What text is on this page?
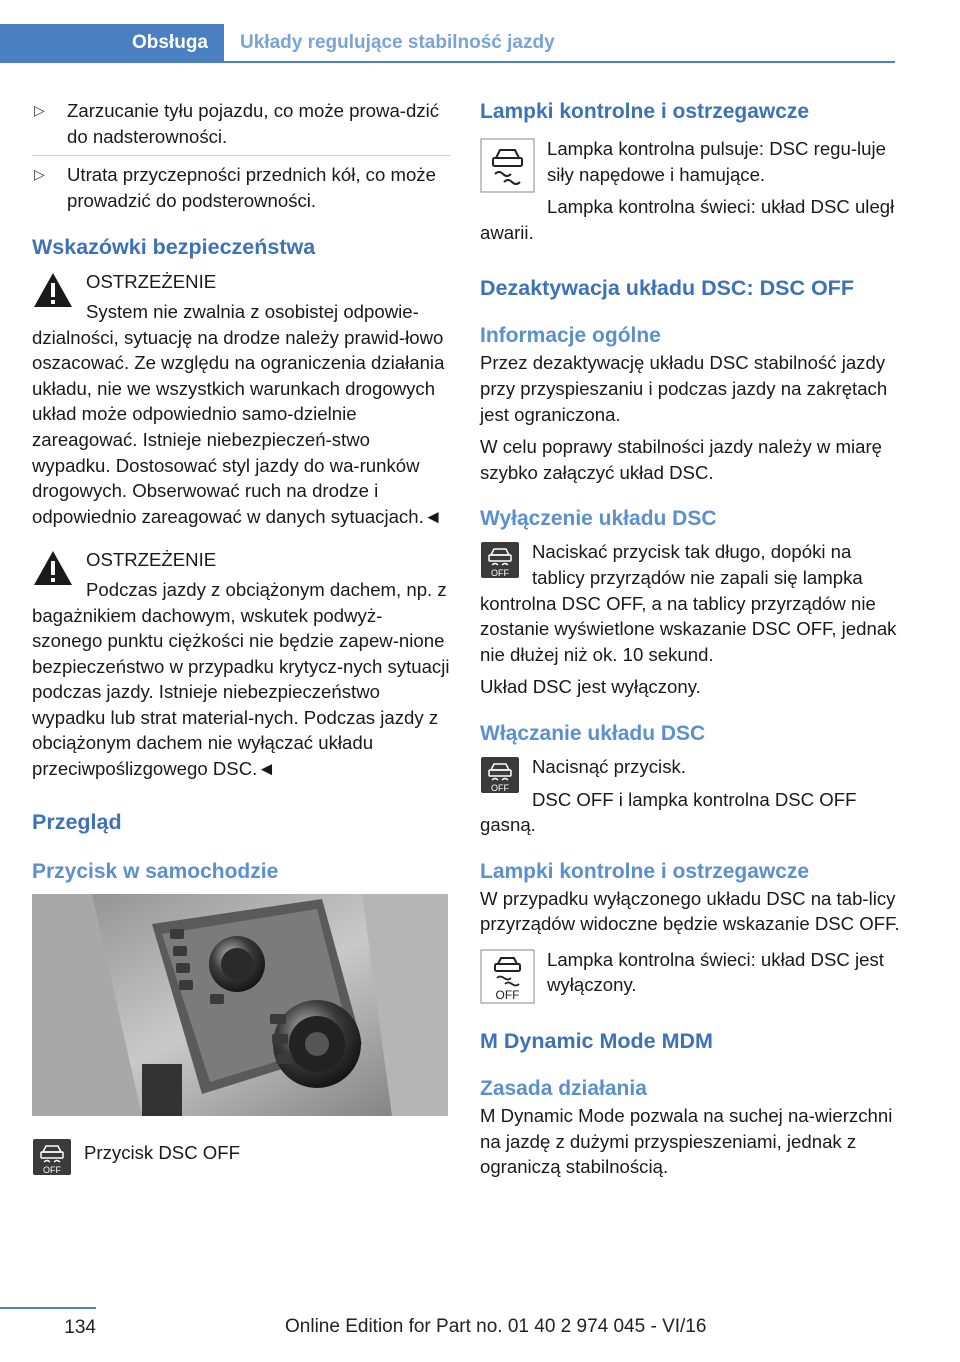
Obsługa	Układy regulujące stabilność jazdy
▷ Zarzucanie tyłu pojazdu, co może prowa-dzić do nadsterowności.
▷ Utrata przyczepności przednich kół, co może prowadzić do podsterowności.
Wskazówki bezpieczeństwa

OSTRZEŻENIE

System nie zwalnia z osobistej odpowie-dzialności, sytuację na drodze należy prawid-łowo oszacować. Ze względu na ograniczenia działania układu, nie we wszystkich warunkach drogowych układ może odpowiednio samo-dzielnie zareagować. Istnieje niebezpieczeń-stwo wypadku. Dostosować styl jazdy do wa-runków drogowych. Obserwować ruch na drodze i odpowiednio zareagować w danych sytuacjach.◄

OSTRZEŻENIE

Podczas jazdy z obciążonym dachem, np. z bagażnikiem dachowym, wskutek podwyż-szonego punktu ciężkości nie będzie zapew-nione bezpieczeństwo w przypadku krytycz-nych sytuacji podczas jazdy. Istnieje niebezpieczeństwo wypadku lub strat material-nych. Podczas jazdy z obciążonym dachem nie wyłączać układu przeciwpoślizgowego DSC.◄

Przegląd
Przycisk w samochodzie
OFF

Przycisk DSC OFF

Lampki kontrolne i ostrzegawcze

Lampka kontrolna pulsuje: DSC regu-luje siły napędowe i hamujące.

Lampka kontrolna świeci: układ DSC uległ awarii.

Dezaktywacja układu DSC: DSC OFF
Informacje ogólne

Przez dezaktywację układu DSC stabilność jazdy przy przyspieszaniu i podczas jazdy na zakrętach jest ograniczona.

W celu poprawy stabilności jazdy należy w miarę szybko załączyć układ DSC.

Wyłączenie układu DSC
OFF

Naciskać przycisk tak długo, dopóki na tablicy przyrządów nie zapali się lampka kontrolna DSC OFF, a na tablicy przyrządów nie zostanie wyświetlone wskazanie DSC OFF, jednak nie dłużej niż ok. 10 sekund.

Układ DSC jest wyłączony.

Włączanie układu DSC
OFF

Nacisnąć przycisk.

DSC OFF i lampka kontrolna DSC OFF gasną.

Lampki kontrolne i ostrzegawcze

W przypadku wyłączonego układu DSC na tab-licy przyrządów widoczne będzie wskazanie DSC OFF.

OFF

Lampka kontrolna świeci: układ DSC jest wyłączony.

M Dynamic Mode MDM
Zasada działania

M Dynamic Mode pozwala na suchej na-wierzchni na jazdę z dużymi przyspieszeniami, jednak z ograniczą stabilnością.

134	Online Edition for Part no. 01 40 2 974 045 - VI/16
